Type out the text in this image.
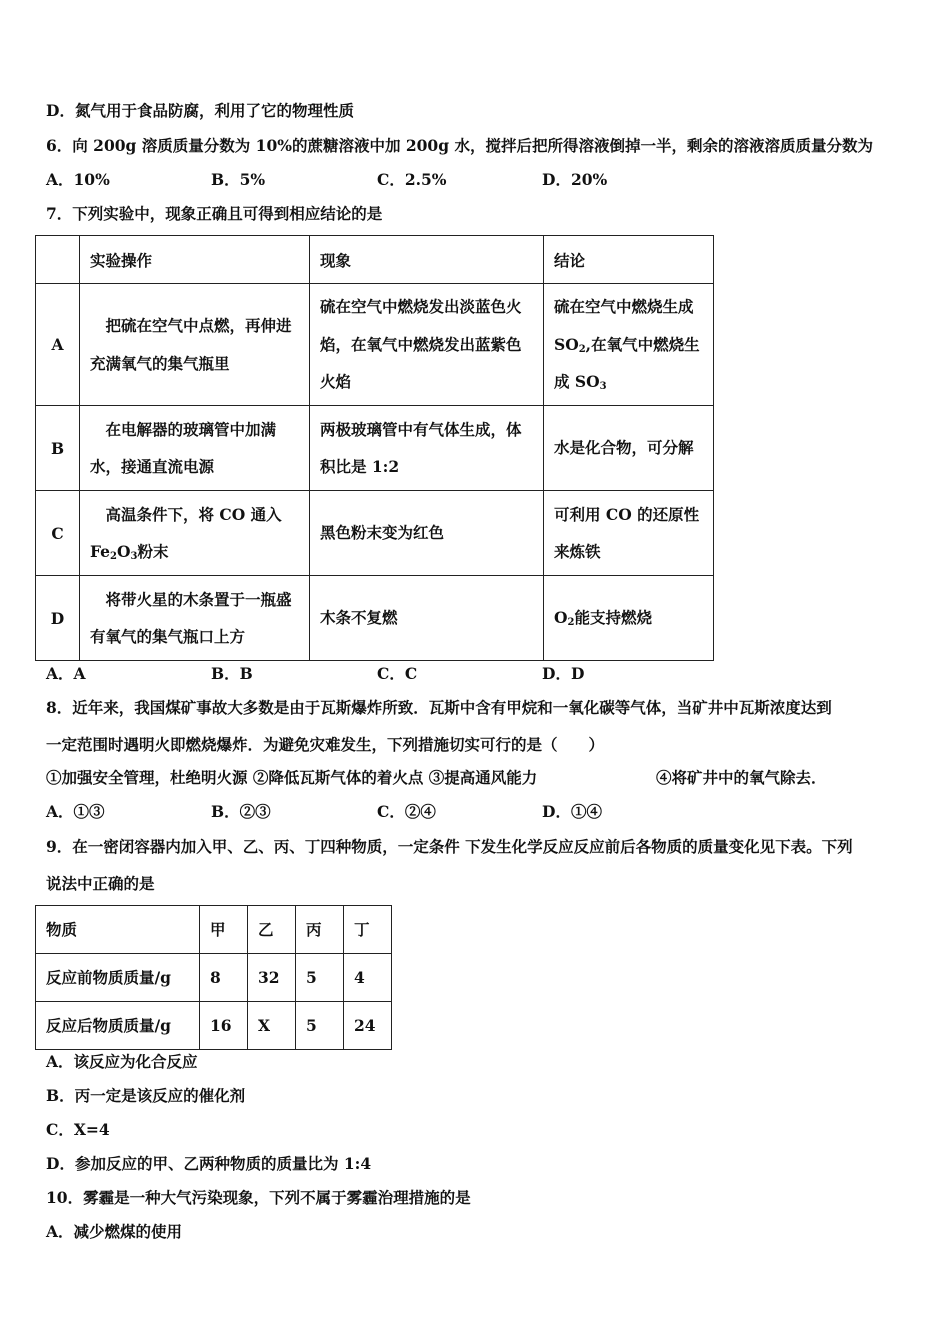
D．氮气用于食品防腐，利用了它的物理性质
6．向 200g 溶质质量分数为 10%的蔗糖溶液中加 200g 水，搅拌后把所得溶液倒掉一半，剩余的溶液溶质质量分数为
A．10%	B．5%	C．2.5%	D．20%
7．下列实验中，现象正确且可得到相应结论的是
	实验操作	现象	结论
A	把硫在空气中点燃，再伸进充满氧气的集气瓶里	硫在空气中燃烧发出淡蓝色火焰，在氧气中燃烧发出蓝紫色火焰	硫在空气中燃烧生成 $SO_2$,在氧气中燃烧生成 $SO_3$
B	在电解器的玻璃管中加满水，接通直流电源	两极玻璃管中有气体生成，体积比是 1:2	水是化合物，可分解
C	高温条件下，将 CO 通入 $Fe_2O_3$粉末	黑色粉末变为红色	可利用 CO 的还原性来炼铁
D	将带火星的木条置于一瓶盛有氧气的集气瓶口上方	木条不复燃	$O_2$能支持燃烧
A．A	B．B	C．C	D．D
8．近年来，我国煤矿事故大多数是由于瓦斯爆炸所致．瓦斯中含有甲烷和一氧化碳等气体，当矿井中瓦斯浓度达到
一定范围时遇明火即燃烧爆炸．为避免灾难发生，下列措施切实可行的是（　　）
①加强安全管理，杜绝明火源 ②降低瓦斯气体的着火点 ③提高通风能力	④将矿井中的氧气除去．
A．①③	B．②③	C．②④	D．①④
9．在一密闭容器内加入甲、乙、丙、丁四种物质，一定条件 下发生化学反应反应前后各物质的质量变化见下表。下列
说法中正确的是
物质	甲	乙	丙	丁
反应前物质质量/g	8	32	5	4
反应后物质质量/g	16	X	5	24
A．该反应为化合反应
B．丙一定是该反应的催化剂
C．X=4
D．参加反应的甲、乙两种物质的质量比为 1:4
10．雾霾是一种大气污染现象，下列不属于雾霾治理措施的是
A．减少燃煤的使用
